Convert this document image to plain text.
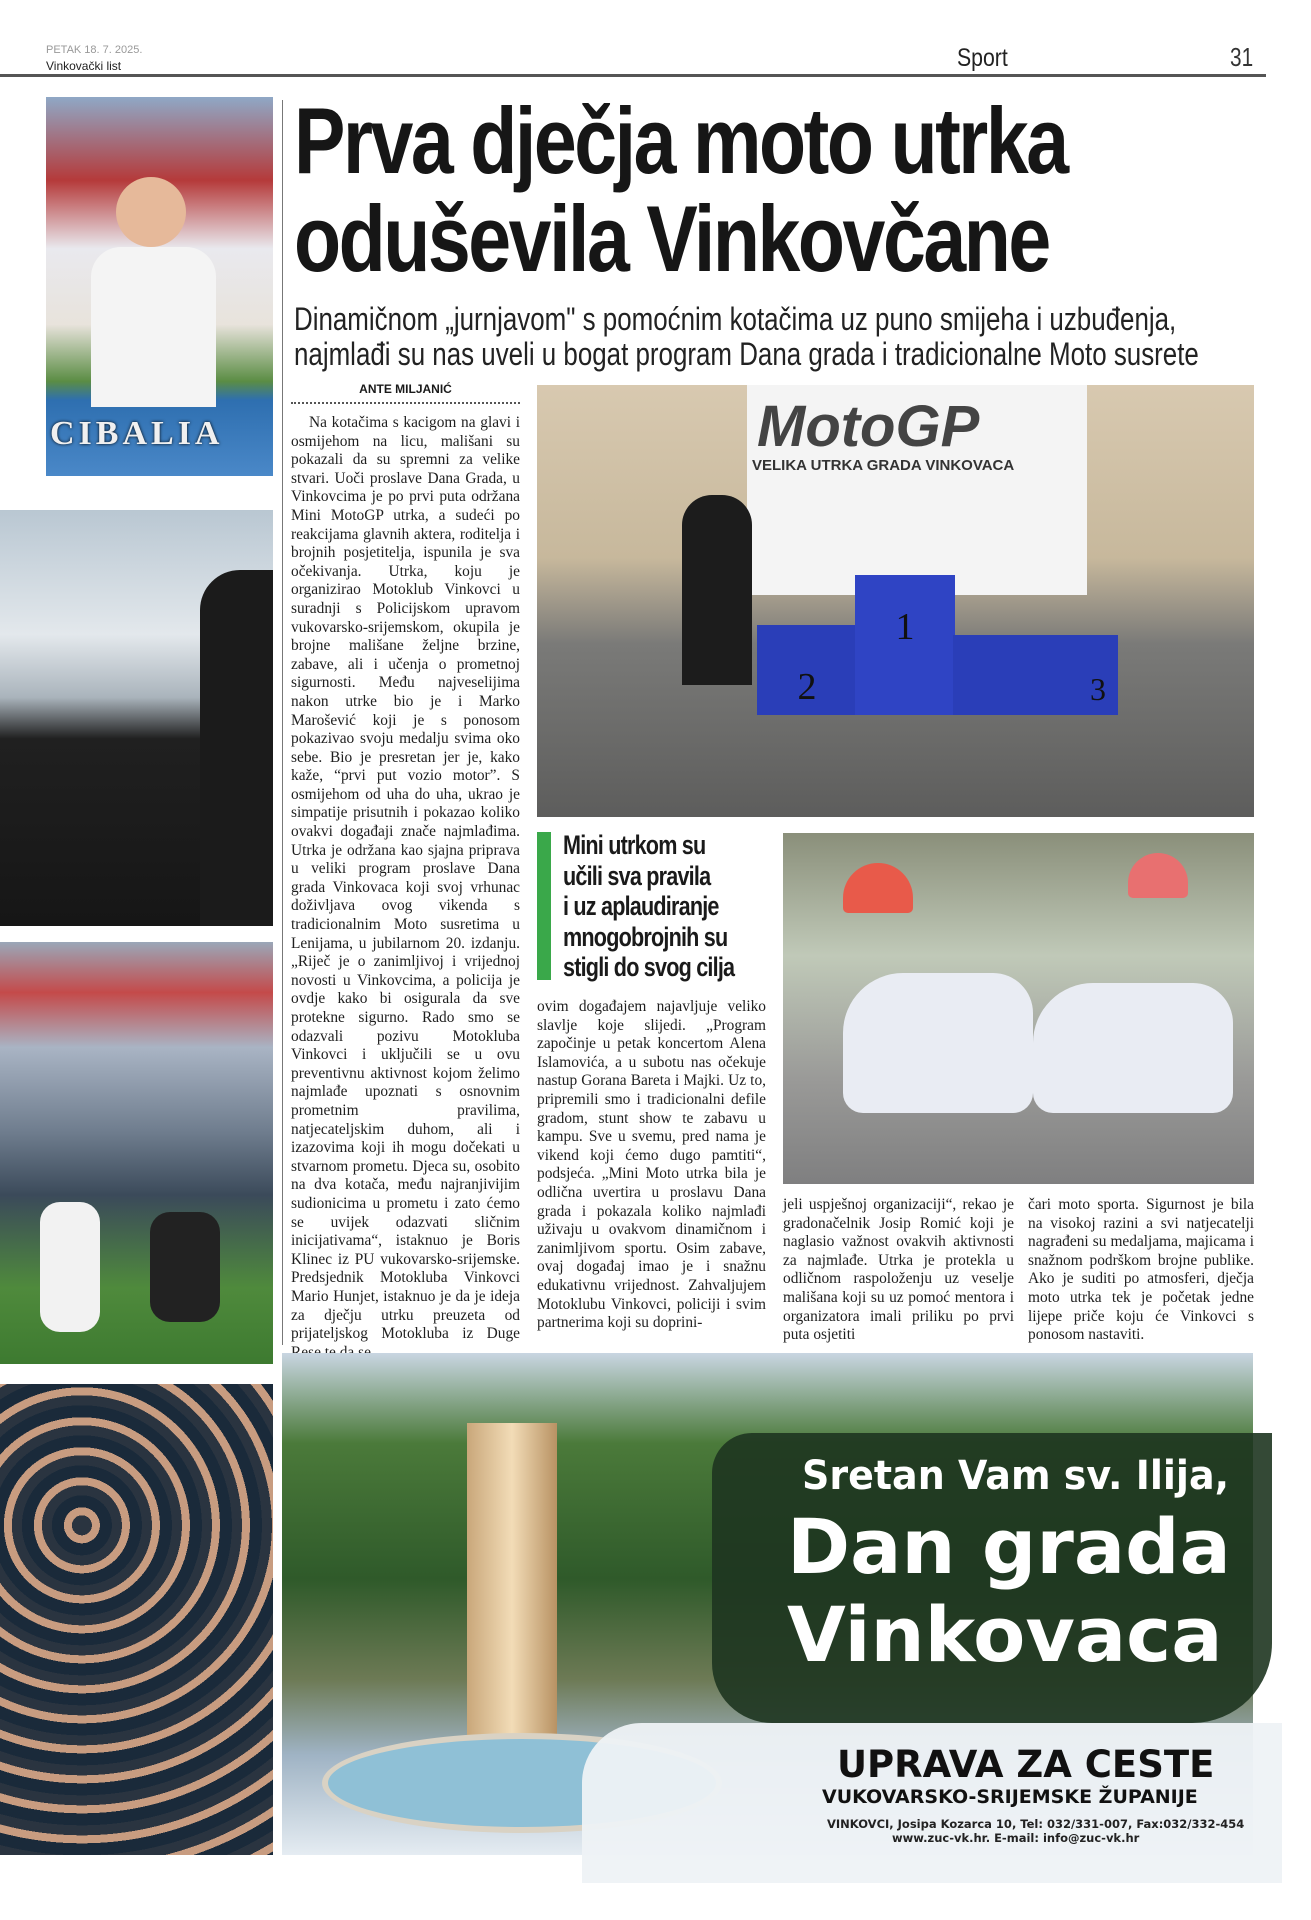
PETAK 18. 7. 2025.
Vinkovački list	Sport	31
CIBALIA
Prva dječja moto utrka
oduševila Vinkovčane
Dinamičnom „jurnjavom" s pomoćnim kotačima uz puno smijeha i uzbuđenja,
najmlađi su nas uveli u bogat program Dana grada i tradicionalne Moto susrete
ANTE MILJANIĆ
Na kotačima s kacigom na glavi i osmijehom na licu, mališani su pokazali da su spremni za velike stvari. Uoči proslave Dana Grada, u Vinkovcima je po prvi puta održana Mini MotoGP utrka, a sudeći po reakcijama glavnih aktera, roditelja i brojnih posjetitelja, ispunila je sva očekivanja. Utrka, koju je organizirao Motoklub Vinkovci u suradnji s Policijskom upravom vukovarsko-srijemskom, okupila je brojne mališane željne brzine, zabave, ali i učenja o prometnoj sigurnosti. Među najveselijima nakon utrke bio je i Marko Marošević koji je s ponosom pokazivao svoju medalju svima oko sebe. Bio je presretan jer je, kako kaže, “prvi put vozio motor”. S osmijehom od uha do uha, ukrao je simpatije prisutnih i pokazao koliko ovakvi događaji znače najmlađima. Utrka je održana kao sjajna priprava u veliki program proslave Dana grada Vinkovaca koji svoj vrhunac doživljava ovog vikenda s tradicionalnim Moto susretima u Lenijama, u jubilarnom 20. izdanju. „Riječ je o zanimljivoj i vrijednoj novosti u Vinkovcima, a policija je ovdje kako bi osigurala da sve protekne sigurno. Rado smo se odazvali pozivu Motokluba Vinkovci i uključili se u ovu preventivnu aktivnost kojom želimo najmlađe upoznati s osnovnim prometnim pravilima, natjecateljskim duhom, ali i izazovima koji ih mogu dočekati u stvarnom prometu. Djeca su, osobito na dva kotača, među najranjivijim sudionicima u prometu i zato ćemo se uvijek odazvati sličnim inicijativama“, istaknuo je Boris Klinec iz PU vukovarsko-srijemske. Predsjednik Motokluba Vinkovci Mario Hunjet, istaknuo je da je ideja za dječju utrku preuzeta od prijateljskog Motokluba iz Duge
MotoGP
VELIKA UTRKA GRADA VINKOVACA
2
1
3
Mini utrkom su
učili sva pravila
i uz aplaudiranje
mnogobrojnih su
stigli do svog cilja
ovim događajem najavljuje veliko slavlje koje slijedi. „Program započinje u petak koncertom Alena Islamovića, a u subotu nas očekuje nastup Gorana Bareta i Majki. Uz to, pripremili smo i tradicionalni defile gradom, stunt show te zabavu u kampu. Sve u svemu, pred nama je vikend koji ćemo dugo pamtiti“, podsjeća. „Mini Moto utrka bila je odlična uvertira u proslavu Dana grada i pokazala koliko najmlađi uživaju u ovakvom dinamičnom i zanimljivom sportu. Osim zabave, ovaj događaj imao je i snažnu edukativnu vrijednost. Zahvaljujem Motoklubu Vinkovci, policiji i svim partnerima koji su doprini-
jeli uspješnoj organizaciji“, rekao je gradonačelnik Josip Romić koji je naglasio važnost ovakvih aktivnosti za najmlađe. Utrka je protekla u odličnom raspoloženju uz veselje mališana koji su uz pomoć mentora i organizatora imali priliku po prvi puta osjetiti
čari moto sporta. Sigurnost je bila na visokoj razini a svi natjecatelji nagrađeni su medaljama, majicama i snažnom podrškom brojne publike. Ako je suditi po atmosferi, dječja moto utrka tek je početak jedne lijepe priče koju će Vinkovci s ponosom nastaviti.
Sretan Vam sv. Ilija,
Dan grada
Vinkovaca
UPRAVA ZA CESTE
VUKOVARSKO-SRIJEMSKE ŽUPANIJE
VINKOVCI, Josipa Kozarca 10, Tel: 032/331-007, Fax:032/332-454
www.zuc-vk.hr. E-mail: info@zuc-vk.hr
